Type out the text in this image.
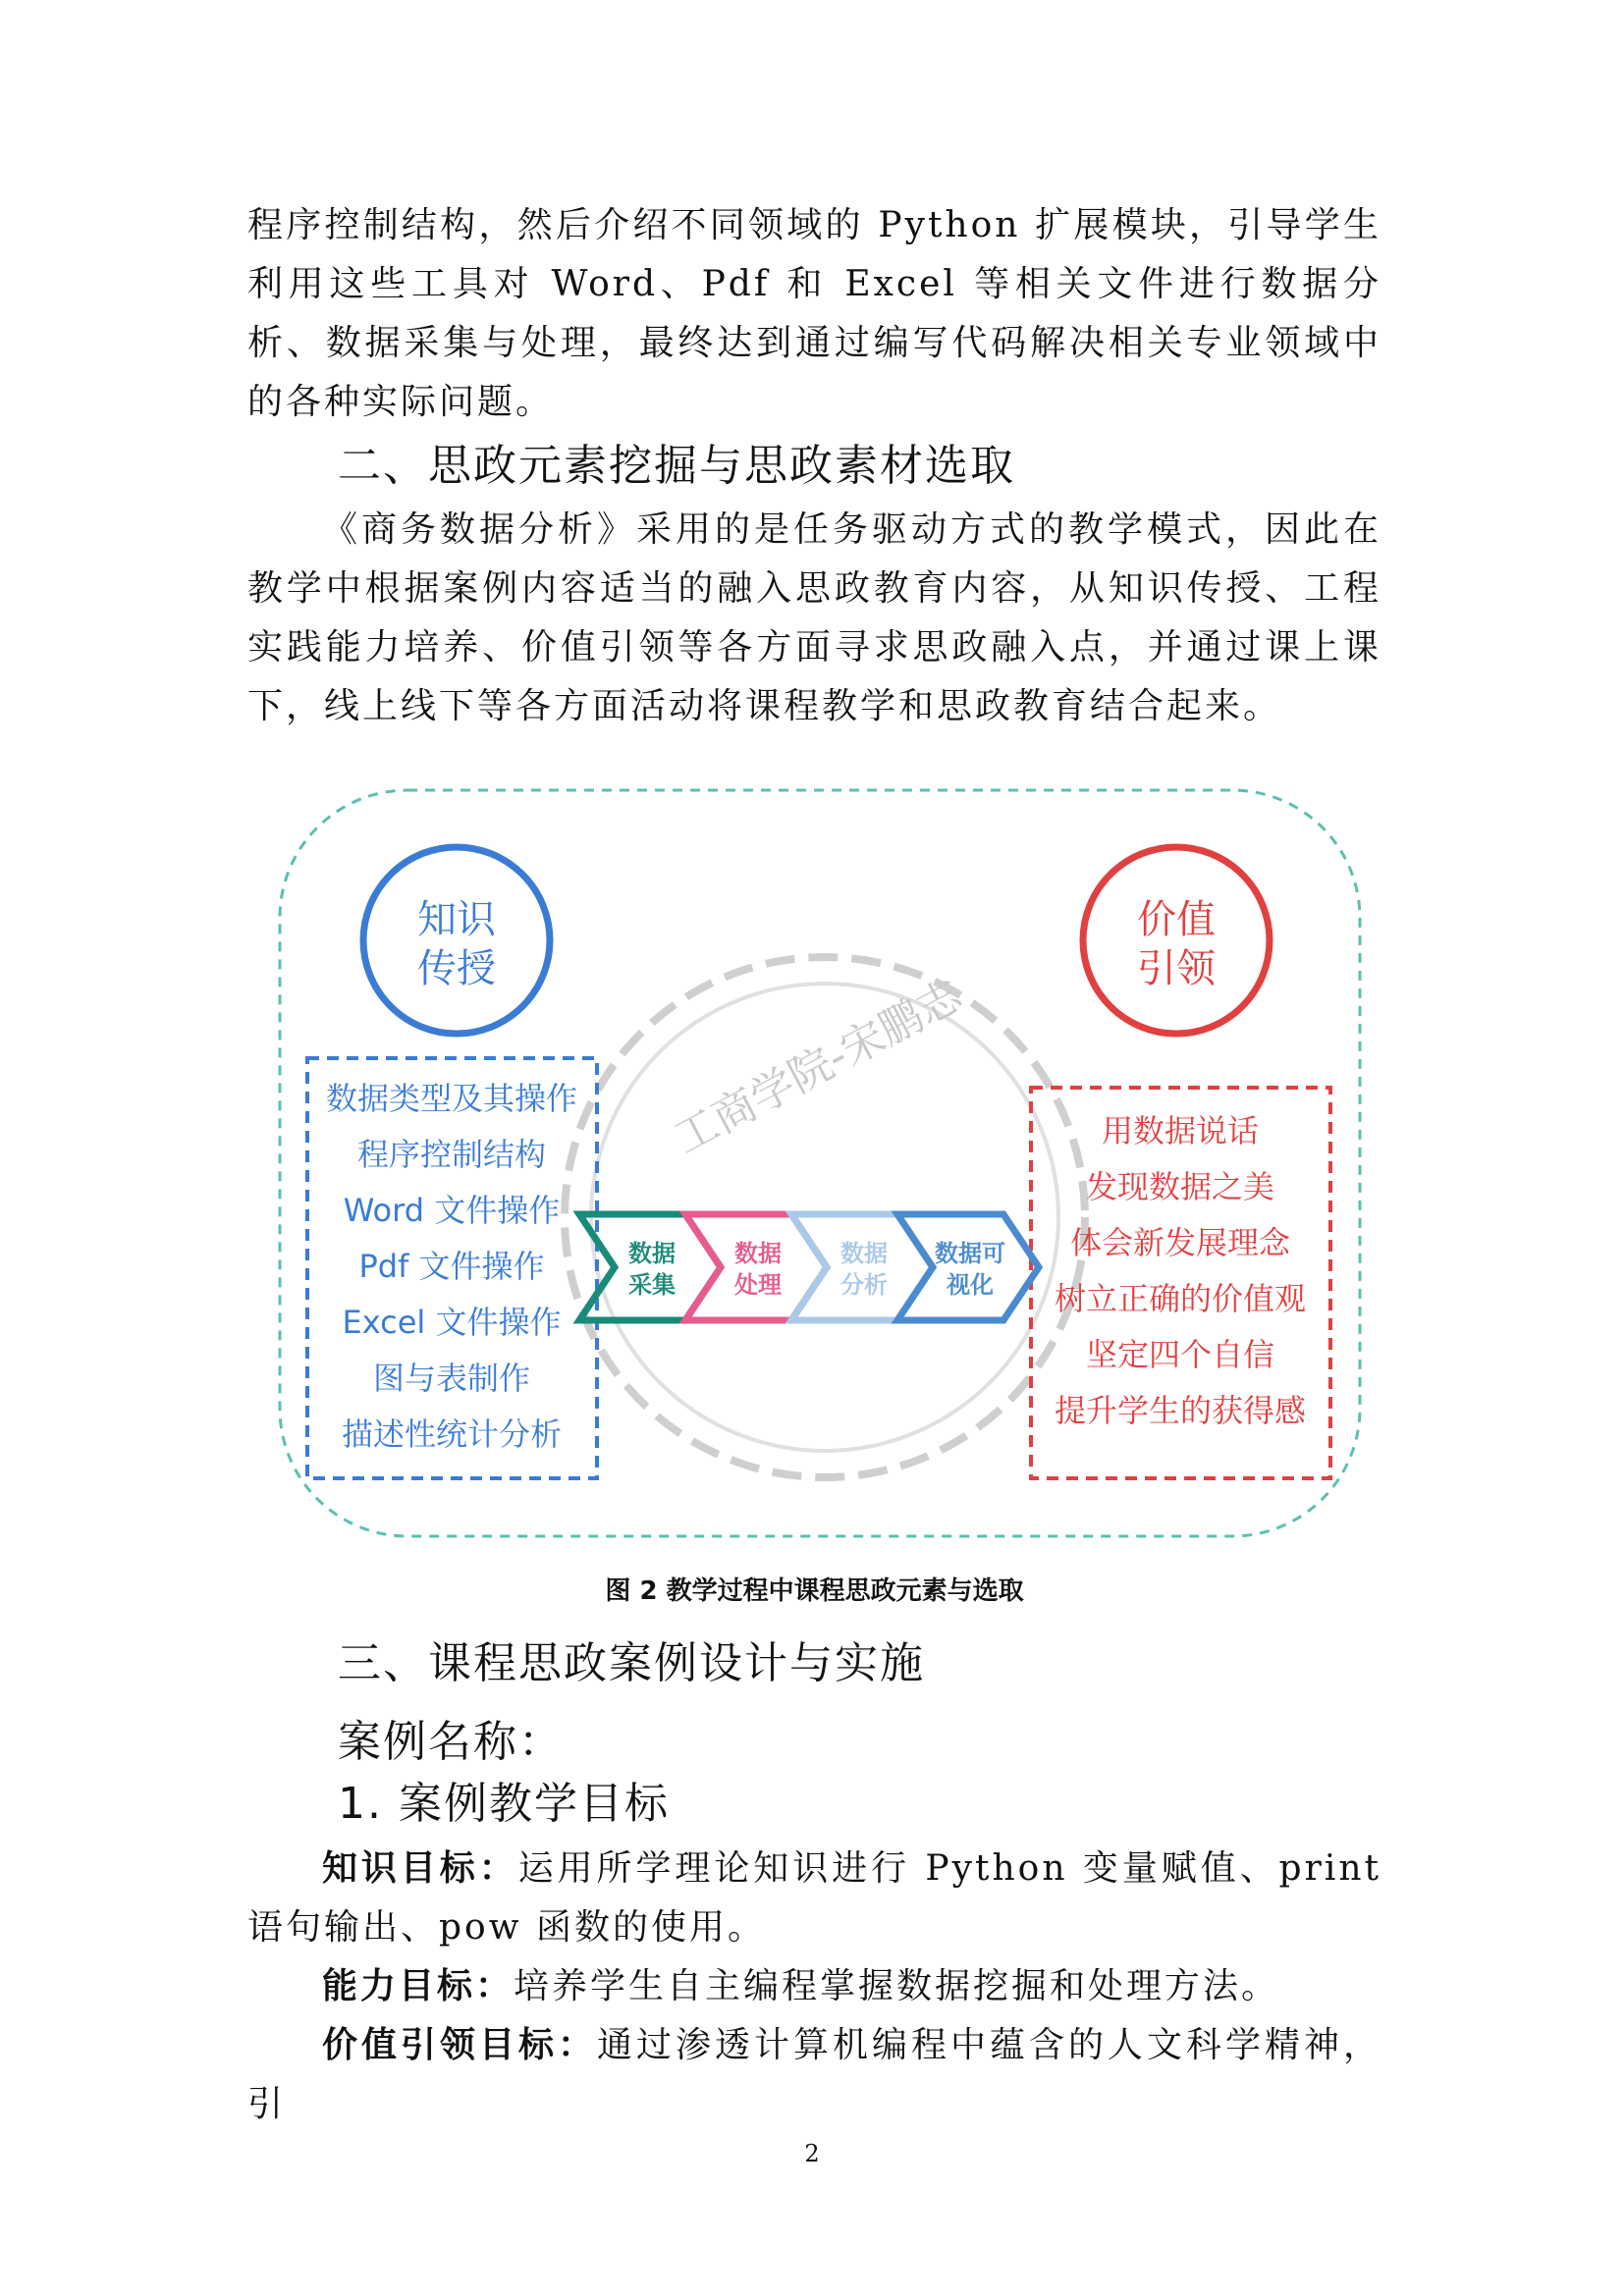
程序控制结构，然后介绍不同领域的 Python 扩展模块，引导学生利用这些工具对 Word、Pdf 和 Excel 等相关文件进行数据分析、数据采集与处理，最终达到通过编写代码解决相关专业领域中的各种实际问题。

二、思政元素挖掘与思政素材选取

《商务数据分析》采用的是任务驱动方式的教学模式，因此在教学中根据案例内容适当的融入思政教育内容，从知识传授、工程实践能力培养、价值引领等各方面寻求思政融入点，并通过课上课下，线上线下等各方面活动将课程教学和思政教育结合起来。

工商学院-宋鹏志
知识
传授
价值
引领
数据类型及其操作
程序控制结构
Word 文件操作
Pdf 文件操作
Excel 文件操作
图与表制作
描述性统计分析
用数据说话
发现数据之美
体会新发展理念
树立正确的价值观
坚定四个自信
提升学生的获得感
数据
采集
数据
处理
数据
分析
数据可
视化
图 2 教学过程中课程思政元素与选取
三、课程思政案例设计与实施
案例名称：
1. 案例教学目标

知识目标：运用所学理论知识进行 Python 变量赋值、print 语句输出、pow 函数的使用。

能力目标：培养学生自主编程掌握数据挖掘和处理方法。

价值引领目标：通过渗透计算机编程中蕴含的人文科学精神，引

2
